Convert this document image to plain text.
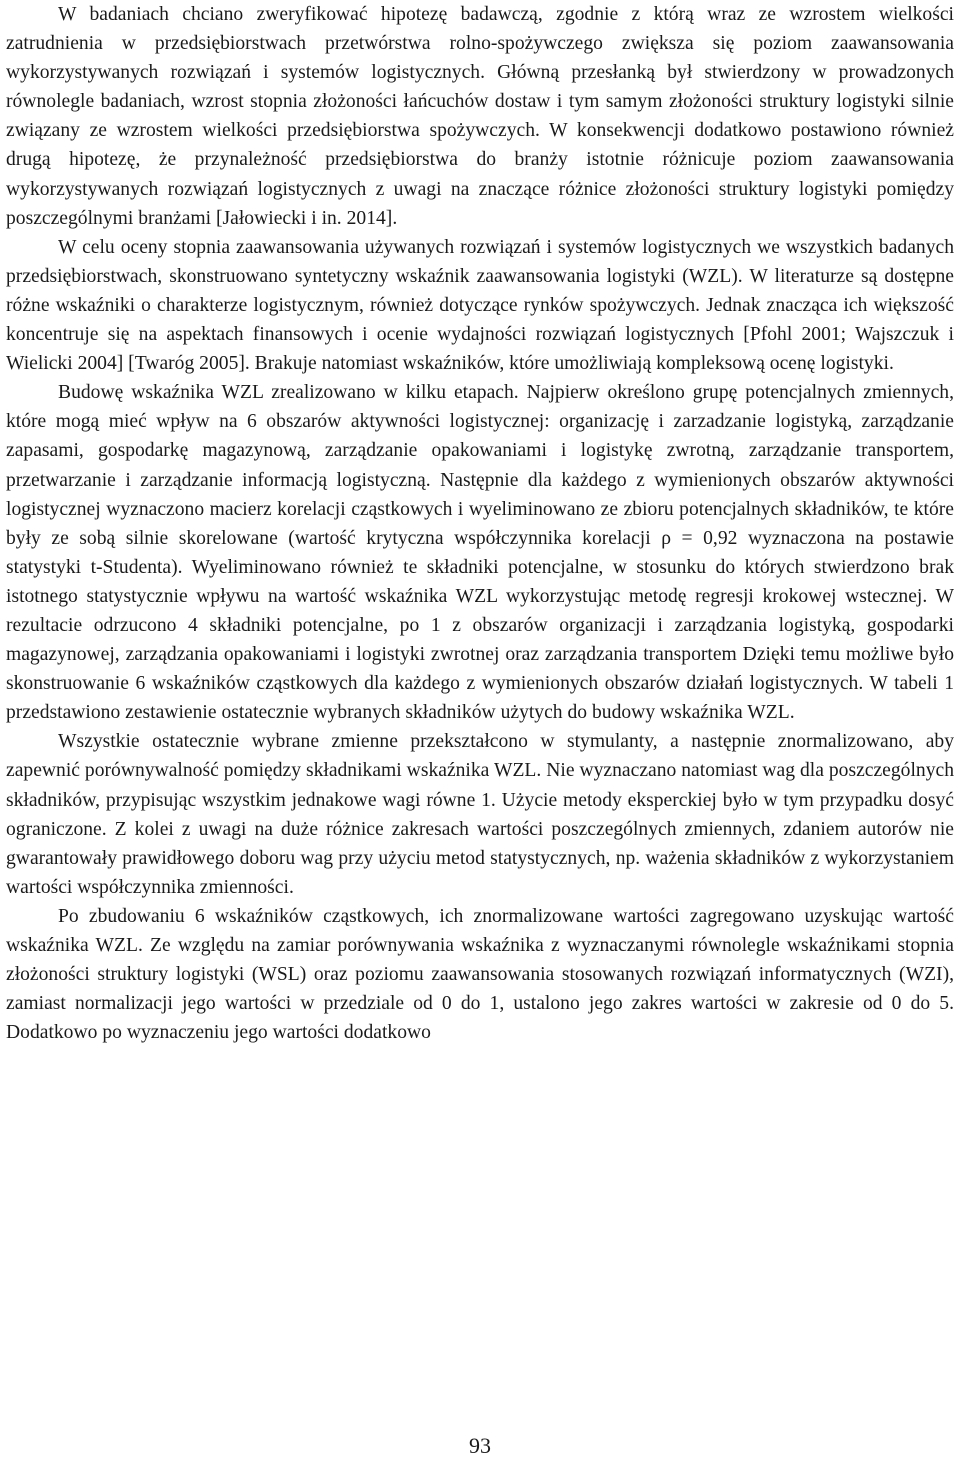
W badaniach chciano zweryfikować hipotezę badawczą, zgodnie z którą wraz ze wzrostem wielkości zatrudnienia w przedsiębiorstwach przetwórstwa rolno-spożywczego zwiększa się poziom zaawansowania wykorzystywanych rozwiązań i systemów logistycznych. Główną przesłanką był stwierdzony w prowadzonych równolegle badaniach, wzrost stopnia złożoności łańcuchów dostaw i tym samym złożoności struktury logistyki silnie związany ze wzrostem wielkości przedsiębiorstwa spożywczych. W konsekwencji dodatkowo postawiono również drugą hipotezę, że przynależność przedsiębiorstwa do branży istotnie różnicuje poziom zaawansowania wykorzystywanych rozwiązań logistycznych z uwagi na znaczące różnice złożoności struktury logistyki pomiędzy poszczególnymi branżami [Jałowiecki i in. 2014].

W celu oceny stopnia zaawansowania używanych rozwiązań i systemów logistycznych we wszystkich badanych przedsiębiorstwach, skonstruowano syntetyczny wskaźnik zaawansowania logistyki (WZL). W literaturze są dostępne różne wskaźniki o charakterze logistycznym, również dotyczące rynków spożywczych. Jednak znacząca ich większość koncentruje się na aspektach finansowych i ocenie wydajności rozwiązań logistycznych [Pfohl 2001; Wajszczuk i Wielicki 2004] [Twaróg 2005]. Brakuje natomiast wskaźników, które umożliwiają kompleksową ocenę logistyki.

Budowę wskaźnika WZL zrealizowano w kilku etapach. Najpierw określono grupę potencjalnych zmiennych, które mogą mieć wpływ na 6 obszarów aktywności logistycznej: organizację i zarzadzanie logistyką, zarządzanie zapasami, gospodarkę magazynową, zarządzanie opakowaniami i logistykę zwrotną, zarządzanie transportem, przetwarzanie i zarządzanie informacją logistyczną. Następnie dla każdego z wymienionych obszarów aktywności logistycznej wyznaczono macierz korelacji cząstkowych i wyeliminowano ze zbioru potencjalnych składników, te które były ze sobą silnie skorelowane (wartość krytyczna współczynnika korelacji ρ = 0,92 wyznaczona na postawie statystyki t-Studenta). Wyeliminowano również te składniki potencjalne, w stosunku do których stwierdzono brak istotnego statystycznie wpływu na wartość wskaźnika WZL wykorzystując metodę regresji krokowej wstecznej. W rezultacie odrzucono 4 składniki potencjalne, po 1 z obszarów organizacji i zarządzania logistyką, gospodarki magazynowej, zarządzania opakowaniami i logistyki zwrotnej oraz zarządzania transportem Dzięki temu możliwe było skonstruowanie 6 wskaźników cząstkowych dla każdego z wymienionych obszarów działań logistycznych. W tabeli 1 przedstawiono zestawienie ostatecznie wybranych składników użytych do budowy wskaźnika WZL.

Wszystkie ostatecznie wybrane zmienne przekształcono w stymulanty, a następnie znormalizowano, aby zapewnić porównywalność pomiędzy składnikami wskaźnika WZL. Nie wyznaczano natomiast wag dla poszczególnych składników, przypisując wszystkim jednakowe wagi równe 1. Użycie metody eksperckiej było w tym przypadku dosyć ograniczone. Z kolei z uwagi na duże różnice zakresach wartości poszczególnych zmiennych, zdaniem autorów nie gwarantowały prawidłowego doboru wag przy użyciu metod statystycznych, np. ważenia składników z wykorzystaniem wartości współczynnika zmienności.

Po zbudowaniu 6 wskaźników cząstkowych, ich znormalizowane wartości zagregowano uzyskując wartość wskaźnika WZL. Ze względu na zamiar porównywania wskaźnika z wyznaczanymi równolegle wskaźnikami stopnia złożoności struktury logistyki (WSL) oraz poziomu zaawansowania stosowanych rozwiązań informatycznych (WZI), zamiast normalizacji jego wartości w przedziale od 0 do 1, ustalono jego zakres wartości w zakresie od 0 do 5. Dodatkowo po wyznaczeniu jego wartości dodatkowo

93
